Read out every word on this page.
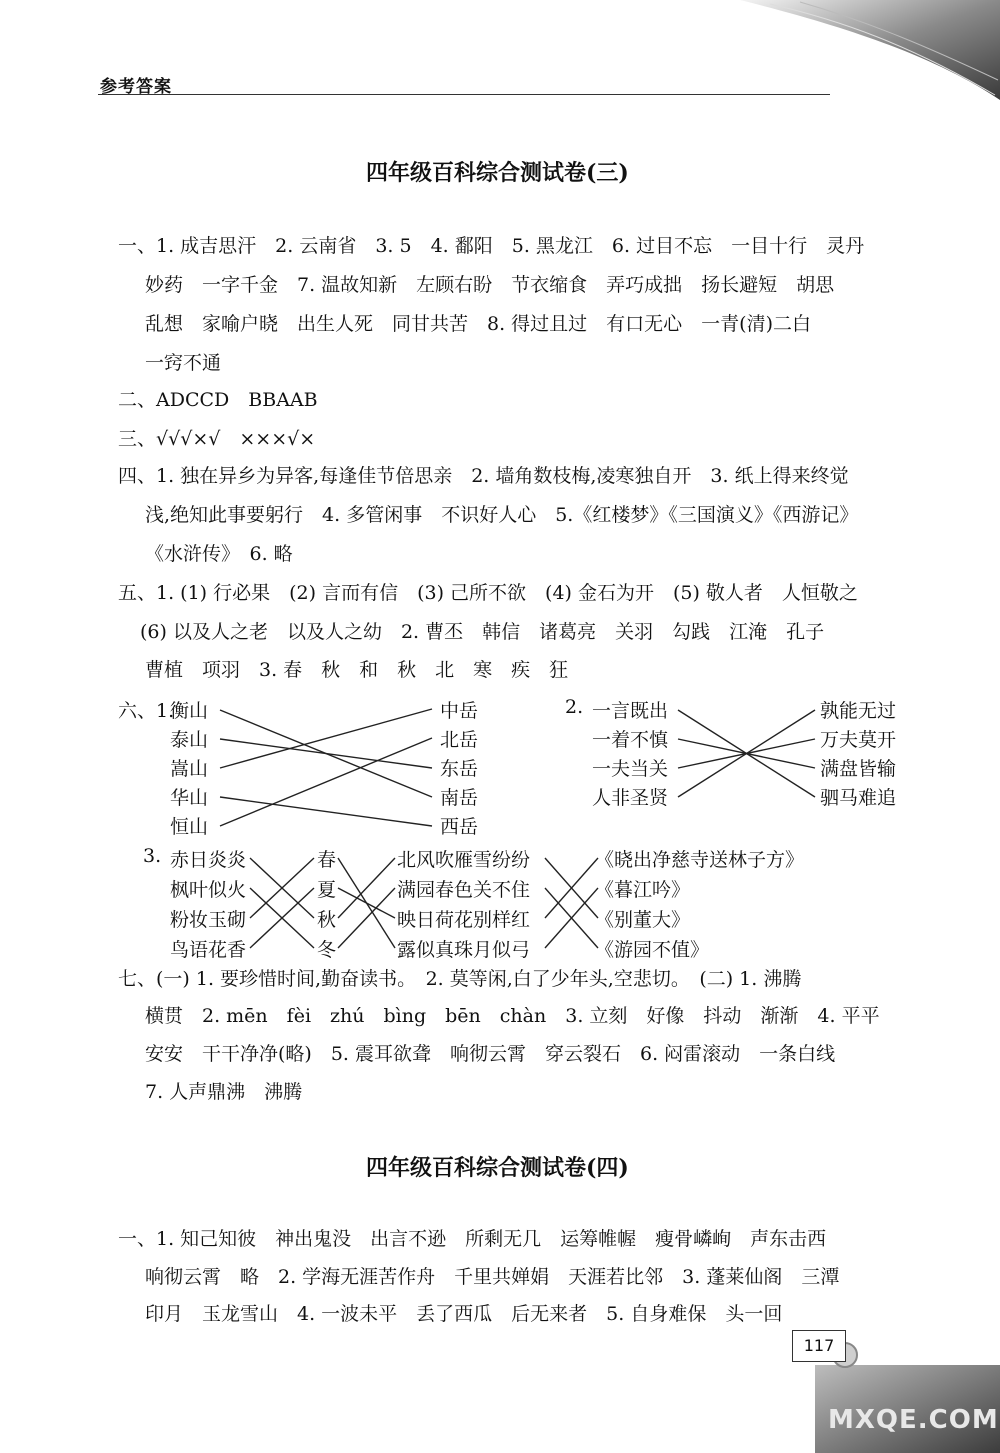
参考答案
四年级百科综合测试卷(三)
一、1. 成吉思汗　2. 云南省　3. 5　4. 鄱阳　5. 黑龙江　6. 过目不忘　一目十行　灵丹
妙药　一字千金　7. 温故知新　左顾右盼　节衣缩食　弄巧成拙　扬长避短　胡思
乱想　家喻户晓　出生人死　同甘共苦　8. 得过且过　有口无心　一青(清)二白
一窍不通
二、ADCCD　BBAAB
三、√√√×√　×××√×
四、1. 独在异乡为异客,每逢佳节倍思亲　2. 墙角数枝梅,凌寒独自开　3. 纸上得来终觉
浅,绝知此事要躬行　4. 多管闲事　不识好人心　5.《红楼梦》《三国演义》《西游记》
《水浒传》　6. 略
五、1. (1) 行必果　(2) 言而有信　(3) 己所不欲　(4) 金石为开　(5) 敬人者　人恒敬之
(6) 以及人之老　以及人之幼　2. 曹丕　韩信　诸葛亮　关羽　勾践　江淹　孔子
曹植　项羽　3. 春　秋　和　秋　北　寒　疾　狂
六、1.
衡山
泰山
嵩山
华山
恒山
中岳
北岳
东岳
南岳
西岳
2. 一言既出
一着不慎
一夫当关
人非圣贤
孰能无过
万夫莫开
满盘皆输
驷马难追
3. 赤日炎炎
枫叶似火
粉妆玉砌
鸟语花香
春
夏
秋
冬
北风吹雁雪纷纷
满园春色关不住
映日荷花别样红
露似真珠月似弓
《晓出净慈寺送林子方》
《暮江吟》
《别董大》
《游园不值》
七、(一) 1. 要珍惜时间,勤奋读书。　2. 莫等闲,白了少年头,空悲切。　(二) 1. 沸腾
横贯　2. mēn　fèi　zhú　bìng　bēn　chàn　3. 立刻　好像　抖动　渐渐　4. 平平
安安　干干净净(略)　5. 震耳欲聋　响彻云霄　穿云裂石　6. 闷雷滚动　一条白线
7. 人声鼎沸　沸腾
四年级百科综合测试卷(四)
一、1. 知己知彼　神出鬼没　出言不逊　所剩无几　运筹帷幄　瘦骨嶙峋　声东击西
响彻云霄　略　2. 学海无涯苦作舟　千里共婵娟　天涯若比邻　3. 蓬莱仙阁　三潭
印月　玉龙雪山　4. 一波未平　丢了西瓜　后无来者　5. 自身难保　头一回
MXQE.COM
117
